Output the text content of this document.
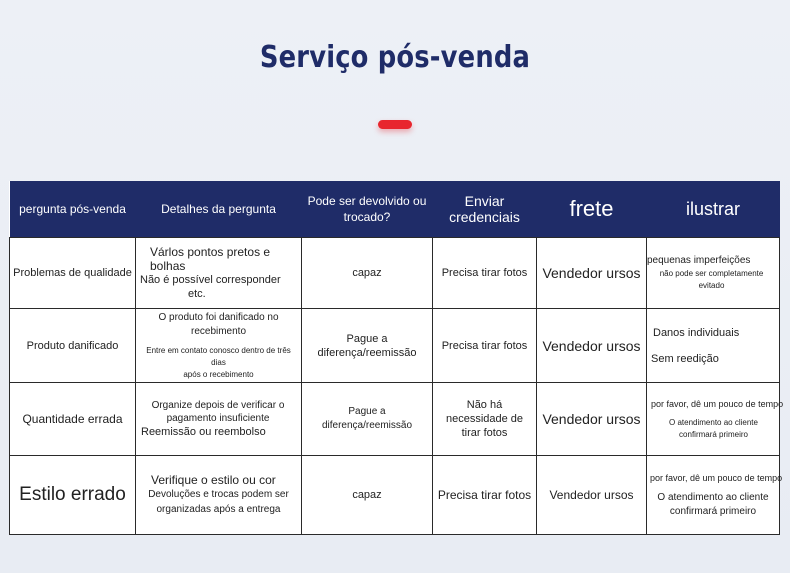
Serviço pós-venda
pergunta pós-venda	Detalhes da pergunta	Pode ser devolvido ou trocado?	Enviar credenciais	frete	ilustrar
Problemas de qualidade	Várlos pontos pretos e bolhas
Não é possível corresponder
etc.	capaz	Precisa tirar fotos	Vendedor ursos	pequenas imperfeições
não pode ser completamente
evitado

Produto danificado	O produto foi danificado no recebimento
Entre em contato conosco dentro de três dias
após o recebimento	Pague a diferença/reemissão	Precisa tirar fotos	Vendedor ursos	Danos individuais
Sem reedição

Quantidade errada	Organize depois de verificar o pagamento insuficiente
Reemissão ou reembolso	Pague a diferença/reemissão	Não há necessidade de tirar fotos	Vendedor ursos	por favor, dê um pouco de tempo
O atendimento ao cliente
confirmará primeiro

Estilo errado	Verifique o estilo ou cor
Devoluções e trocas podem ser organizadas após a entrega	capaz	Precisa tirar fotos	Vendedor ursos	por favor, dê um pouco de tempo
O atendimento ao cliente
confirmará primeiro
